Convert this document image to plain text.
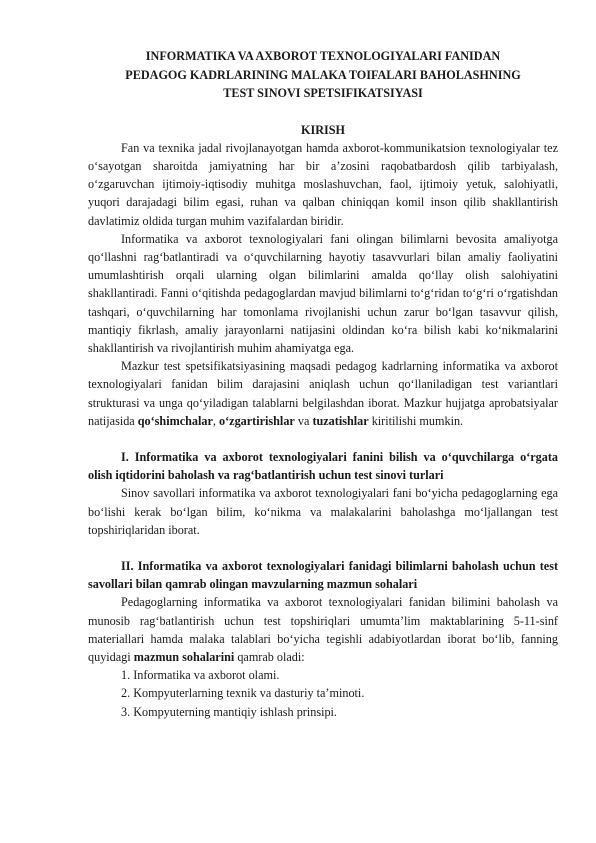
INFORMATIKA VA AXBOROT TEXNOLOGIYALARI FANIDAN
PEDAGOG KADRLARINING MALAKA TOIFALARI BAHOLASHNING
TEST SINOVI SPETSIFIKATSIYASI
KIRISH

Fan va texnika jadal rivojlanayotgan hamda axborot-kommunikatsion texnologiyalar tez o‘sayotgan sharoitda jamiyatning har bir a’zosini raqobatbardosh qilib tarbiyalash, o‘zgaruvchan ijtimoiy-iqtisodiy muhitga moslashuvchan, faol, ijtimoiy yetuk, salohiyatli, yuqori darajadagi bilim egasi, ruhan va qalban chiniqqan komil inson qilib shakllantirish davlatimiz oldida turgan muhim vazifalardan biridir.

Informatika va axborot texnologiyalari fani olingan bilimlarni bevosita amaliyotga qo‘llashni rag‘batlantiradi va o‘quvchilarning hayotiy tasavvurlari bilan amaliy faoliyatini umumlashtirish orqali ularning olgan bilimlarini amalda qo‘llay olish salohiyatini shakllantiradi. Fanni o‘qitishda pedagoglardan mavjud bilimlarni to‘g‘ridan to‘g‘ri o‘rgatishdan tashqari, o‘quvchilarning har tomonlama rivojlanishi uchun zarur bo‘lgan tasavvur qilish, mantiqiy fikrlash, amaliy jarayonlarni natijasini oldindan ko‘ra bilish kabi ko‘nikmalarini shakllantirish va rivojlantirish muhim ahamiyatga ega.

Mazkur test spetsifikatsiyasining maqsadi pedagog kadrlarning informatika va axborot texnologiyalari fanidan bilim darajasini aniqlash uchun qo‘llaniladigan test variantlari strukturasi va unga qo‘yiladigan talablarni belgilashdan iborat. Mazkur hujjatga aprobatsiyalar natijasida qo‘shimchalar, o‘zgartirishlar va tuzatishlar kiritilishi mumkin.

I. Informatika va axborot texnologiyalari fanini bilish va o‘quvchilarga o‘rgata olish iqtidorini baholash va rag‘batlantirish uchun test sinovi turlari

Sinov savollari informatika va axborot texnologiyalari fani bo‘yicha pedagoglarning ega bo‘lishi kerak bo‘lgan bilim, ko‘nikma va malakalarini baholashga mo‘ljallangan test topshiriqlaridan iborat.

II. Informatika va axborot texnologiyalari fanidagi bilimlarni baholash uchun test savollari bilan qamrab olingan mavzularning mazmun sohalari

Pedagoglarning informatika va axborot texnologiyalari fanidan bilimini baholash va munosib rag‘batlantirish uchun test topshiriqlari umumta’lim maktablarining 5-11-sinf materiallari hamda malaka talablari bo‘yicha tegishli adabiyotlardan iborat bo‘lib, fanning quyidagi mazmun sohalarini qamrab oladi:

1. Informatika va axborot olami.
2. Kompyuterlarning texnik va dasturiy ta’minoti.
3. Kompyuterning mantiqiy ishlash prinsipi.
